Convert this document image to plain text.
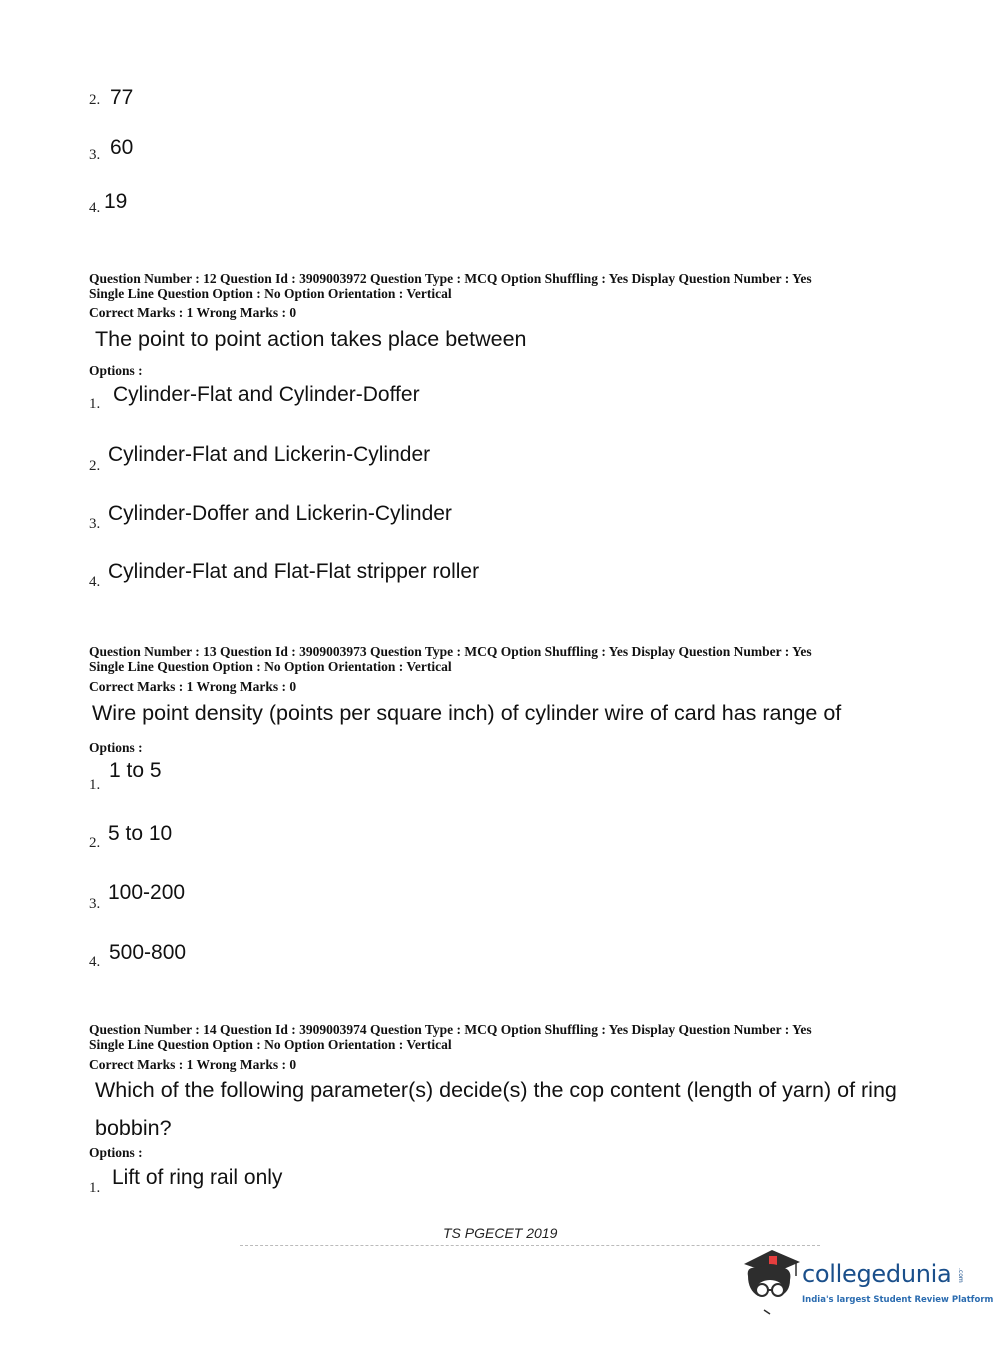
2. 77
3. 60
4. 19
Question Number : 12 Question Id : 3909003972 Question Type : MCQ Option Shuffling : Yes Display Question Number : Yes
Single Line Question Option : No Option Orientation : Vertical
Correct Marks : 1 Wrong Marks : 0
The point to point action takes place between
Options :
1. Cylinder-Flat and Cylinder-Doffer
2. Cylinder-Flat and Lickerin-Cylinder
3. Cylinder-Doffer and Lickerin-Cylinder
4. Cylinder-Flat and Flat-Flat stripper roller
Question Number : 13 Question Id : 3909003973 Question Type : MCQ Option Shuffling : Yes Display Question Number : Yes
Single Line Question Option : No Option Orientation : Vertical
Correct Marks : 1 Wrong Marks : 0
Wire point density (points per square inch) of cylinder wire of card has range of
Options :
1.
1 to 5
2. 5 to 10
3. 100-200
4. 500-800
Question Number : 14 Question Id : 3909003974 Question Type : MCQ Option Shuffling : Yes Display Question Number : Yes
Single Line Question Option : No Option Orientation : Vertical
Correct Marks : 1 Wrong Marks : 0
Which of the following parameter(s) decide(s) the cop content (length of yarn) of ring
bobbin?
Options :
1. Lift of ring rail only
TS PGECET 2019
collegedunia .com
India's largest Student Review Platform
